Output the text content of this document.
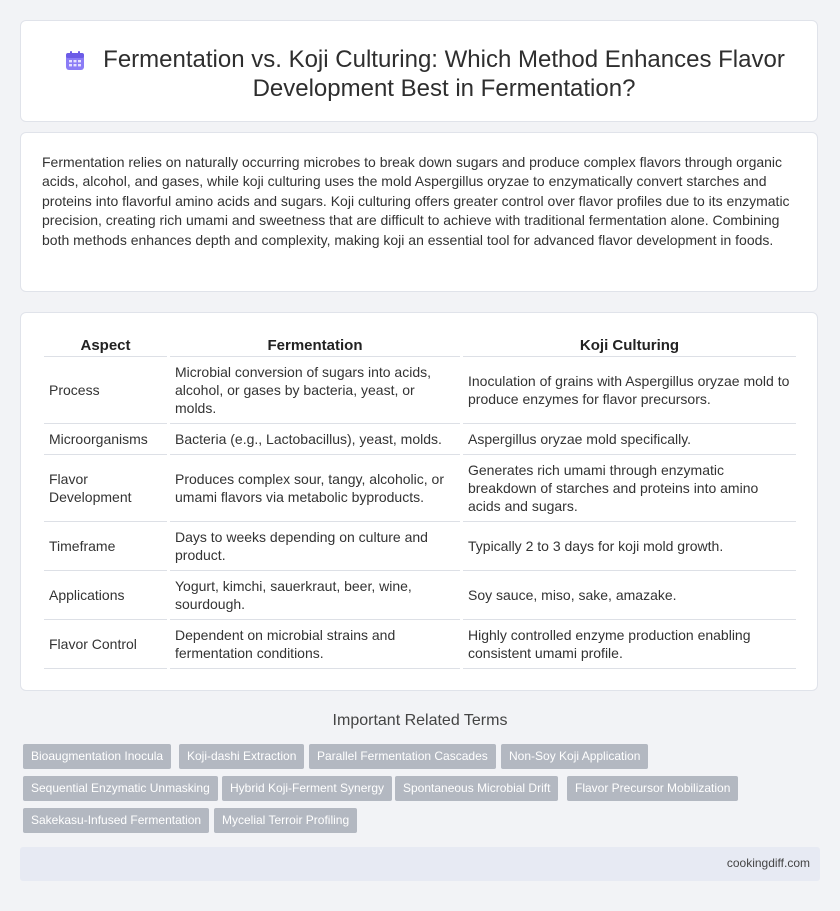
Fermentation vs. Koji Culturing: Which Method Enhances Flavor Development Best in Fermentation?

Fermentation relies on naturally occurring microbes to break down sugars and produce complex flavors through organic acids, alcohol, and gases, while koji culturing uses the mold Aspergillus oryzae to enzymatically convert starches and proteins into flavorful amino acids and sugars. Koji culturing offers greater control over flavor profiles due to its enzymatic precision, creating rich umami and sweetness that are difficult to achieve with traditional fermentation alone. Combining both methods enhances depth and complexity, making koji an essential tool for advanced flavor development in foods.

Aspect	Fermentation	Koji Culturing
Process	Microbial conversion of sugars into acids, alcohol, or gases by bacteria, yeast, or molds.	Inoculation of grains with Aspergillus oryzae mold to produce enzymes for flavor precursors.
Microorganisms	Bacteria (e.g., Lactobacillus), yeast, molds.	Aspergillus oryzae mold specifically.
Flavor Development	Produces complex sour, tangy, alcoholic, or umami flavors via metabolic byproducts.	Generates rich umami through enzymatic breakdown of starches and proteins into amino acids and sugars.
Timeframe	Days to weeks depending on culture and product.	Typically 2 to 3 days for koji mold growth.
Applications	Yogurt, kimchi, sauerkraut, beer, wine, sourdough.	Soy sauce, miso, sake, amazake.
Flavor Control	Dependent on microbial strains and fermentation conditions.	Highly controlled enzyme production enabling consistent umami profile.
Important Related Terms
Bioaugmentation Inocula	Koji-dashi Extraction	Parallel Fermentation Cascades	Non-Soy Koji Application
Sequential Enzymatic Unmasking	Hybrid Koji-Ferment Synergy	Spontaneous Microbial Drift	Flavor Precursor Mobilization
Sakekasu-Infused Fermentation	Mycelial Terroir Profiling
cookingdiff.com
